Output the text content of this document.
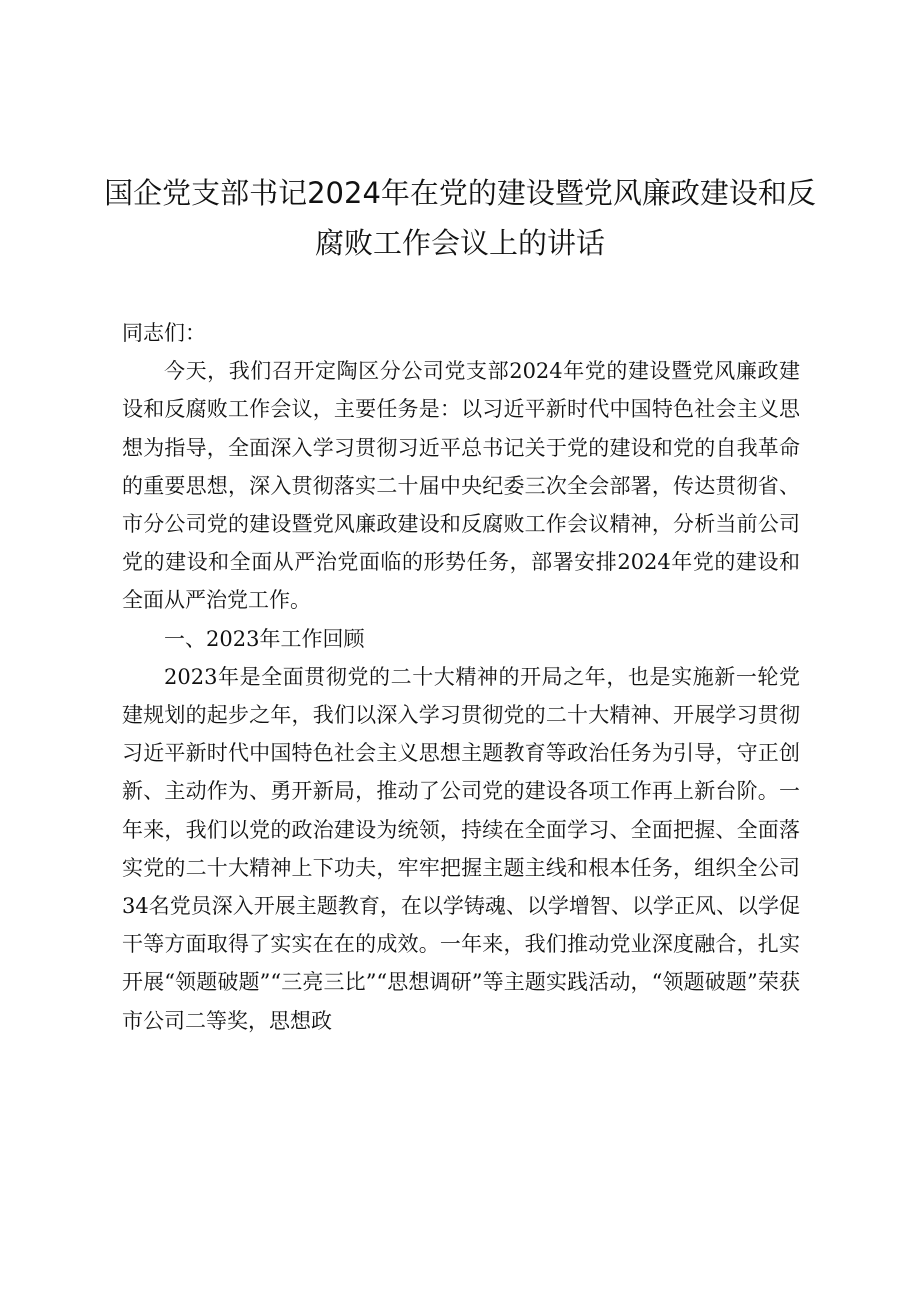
国企党支部书记2024年在党的建设暨党风廉政建设和反
腐败工作会议上的讲话

同志们：

今天，我们召开定陶区分公司党支部2024年党的建设暨党风廉政建设和反腐败工作会议，主要任务是：以习近平新时代中国特色社会主义思想为指导，全面深入学习贯彻习近平总书记关于党的建设和党的自我革命的重要思想，深入贯彻落实二十届中央纪委三次全会部署，传达贯彻省、市分公司党的建设暨党风廉政建设和反腐败工作会议精神，分析当前公司党的建设和全面从严治党面临的形势任务，部署安排2024年党的建设和全面从严治党工作。

一、2023年工作回顾

2023年是全面贯彻党的二十大精神的开局之年，也是实施新一轮党建规划的起步之年，我们以深入学习贯彻党的二十大精神、开展学习贯彻习近平新时代中国特色社会主义思想主题教育等政治任务为引导，守正创新、主动作为、勇开新局，推动了公司党的建设各项工作再上新台阶。一年来，我们以党的政治建设为统领，持续在全面学习、全面把握、全面落实党的二十大精神上下功夫，牢牢把握主题主线和根本任务，组织全公司34名党员深入开展主题教育，在以学铸魂、以学增智、以学正风、以学促干等方面取得了实实在在的成效。一年来，我们推动党业深度融合，扎实开展“领题破题”“三亮三比”“思想调研”等主题实践活动，“领题破题”荣获市公司二等奖，思想政
